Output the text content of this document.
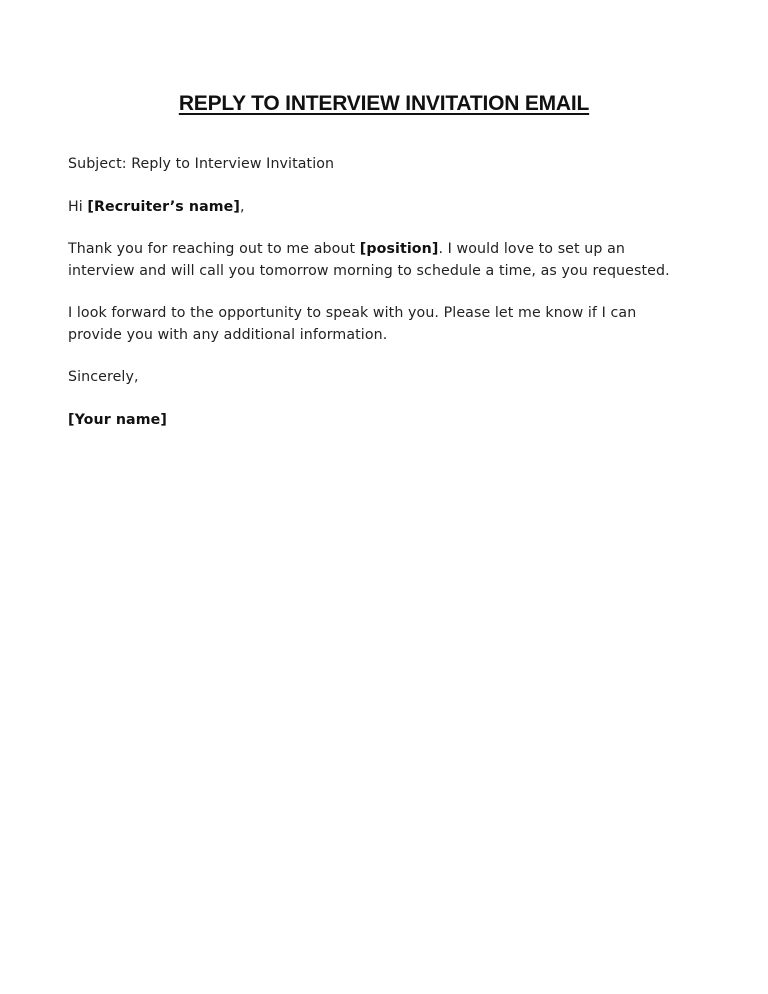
REPLY TO INTERVIEW INVITATION EMAIL
Subject: Reply to Interview Invitation
Hi [Recruiter’s name],
Thank you for reaching out to me about [position]. I would love to set up an
interview and will call you tomorrow morning to schedule a time, as you requested.
I look forward to the opportunity to speak with you. Please let me know if I can
provide you with any additional information.
Sincerely,
[Your name]
